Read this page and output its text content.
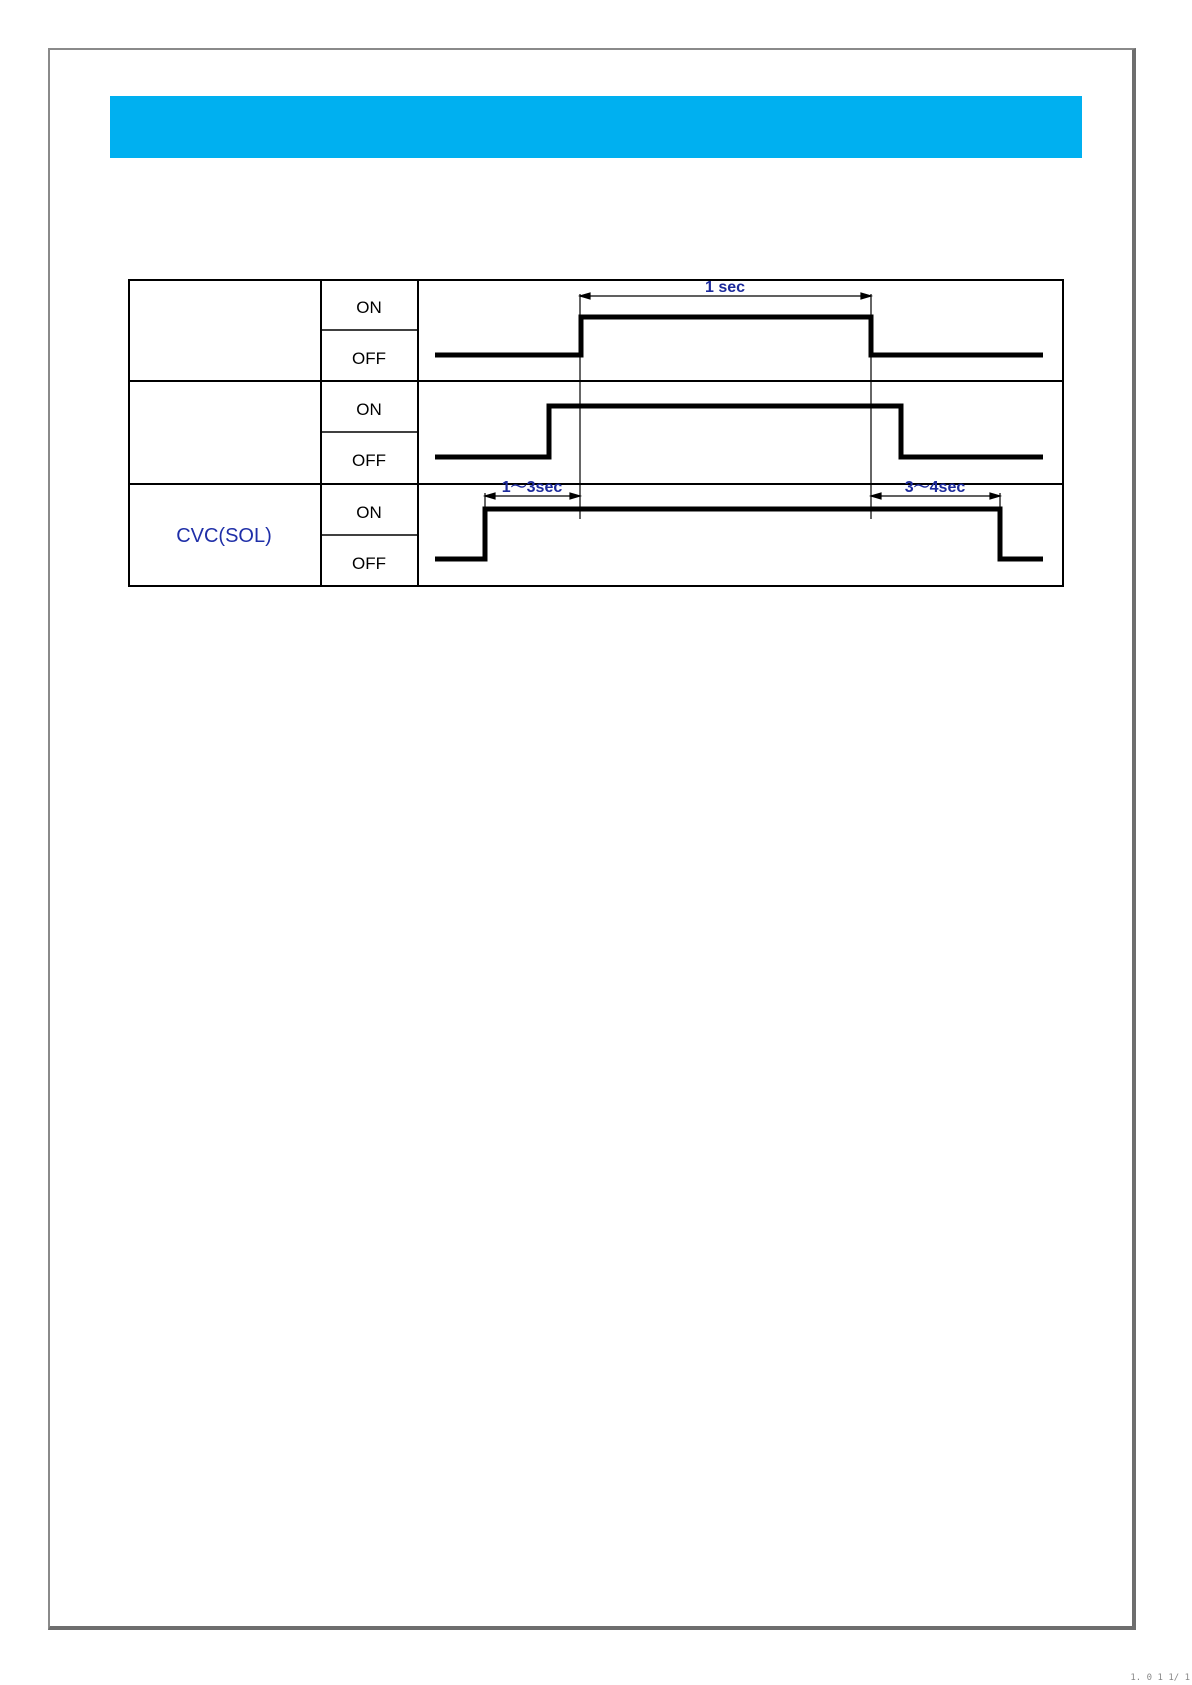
CVC(SOL)
ON
OFF
ON
OFF
ON
OFF
1 sec
1～3sec	3～4sec
1. 0 1 1/ 1
